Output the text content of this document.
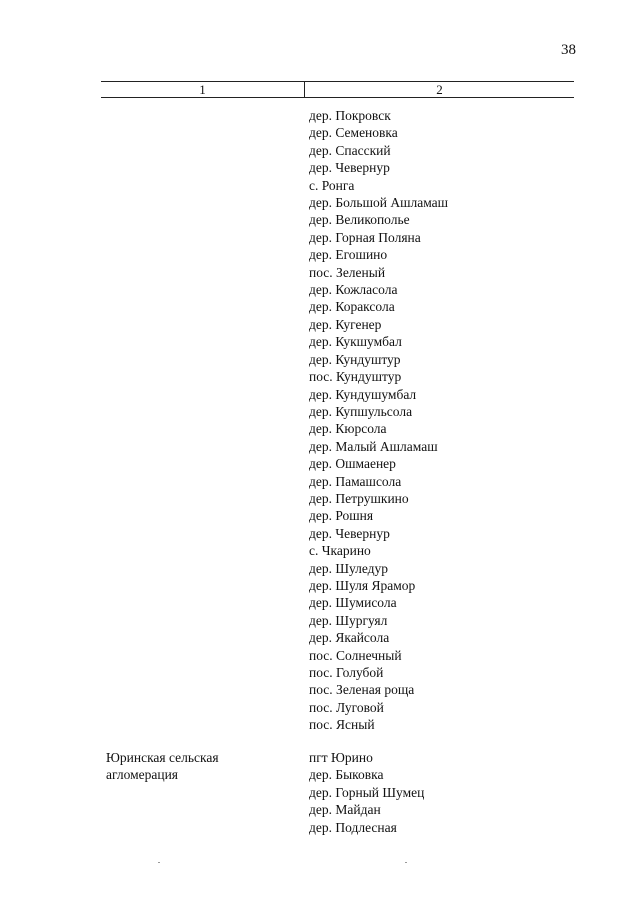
38
1	2
дер. Покровск
дер. Семеновка
дер. Спасский
дер. Чевернур
с. Ронга
дер. Большой Ашламаш
дер. Великополье
дер. Горная Поляна
дер. Егошино
пос. Зеленый
дер. Кожласола
дер. Кораксола
дер. Кугенер
дер. Кукшумбал
дер. Кундуштур
пос. Кундуштур
дер. Кундушумбал
дер. Купшульсола
дер. Кюрсола
дер. Малый Ашламаш
дер. Ошмаенер
дер. Памашсола
дер. Петрушкино
дер. Рошня
дер. Чевернур
с. Чкарино
дер. Шуледур
дер. Шуля Ярамор
дер. Шумисола
дер. Шургуял
дер. Якайсола
пос. Солнечный
пос. Голубой
пос. Зеленая роща
пос. Луговой
пос. Ясный
Юринская сельская агломерация
пгт Юрино
дер. Быковка
дер. Горный Шумец
дер. Майдан
дер. Подлесная
